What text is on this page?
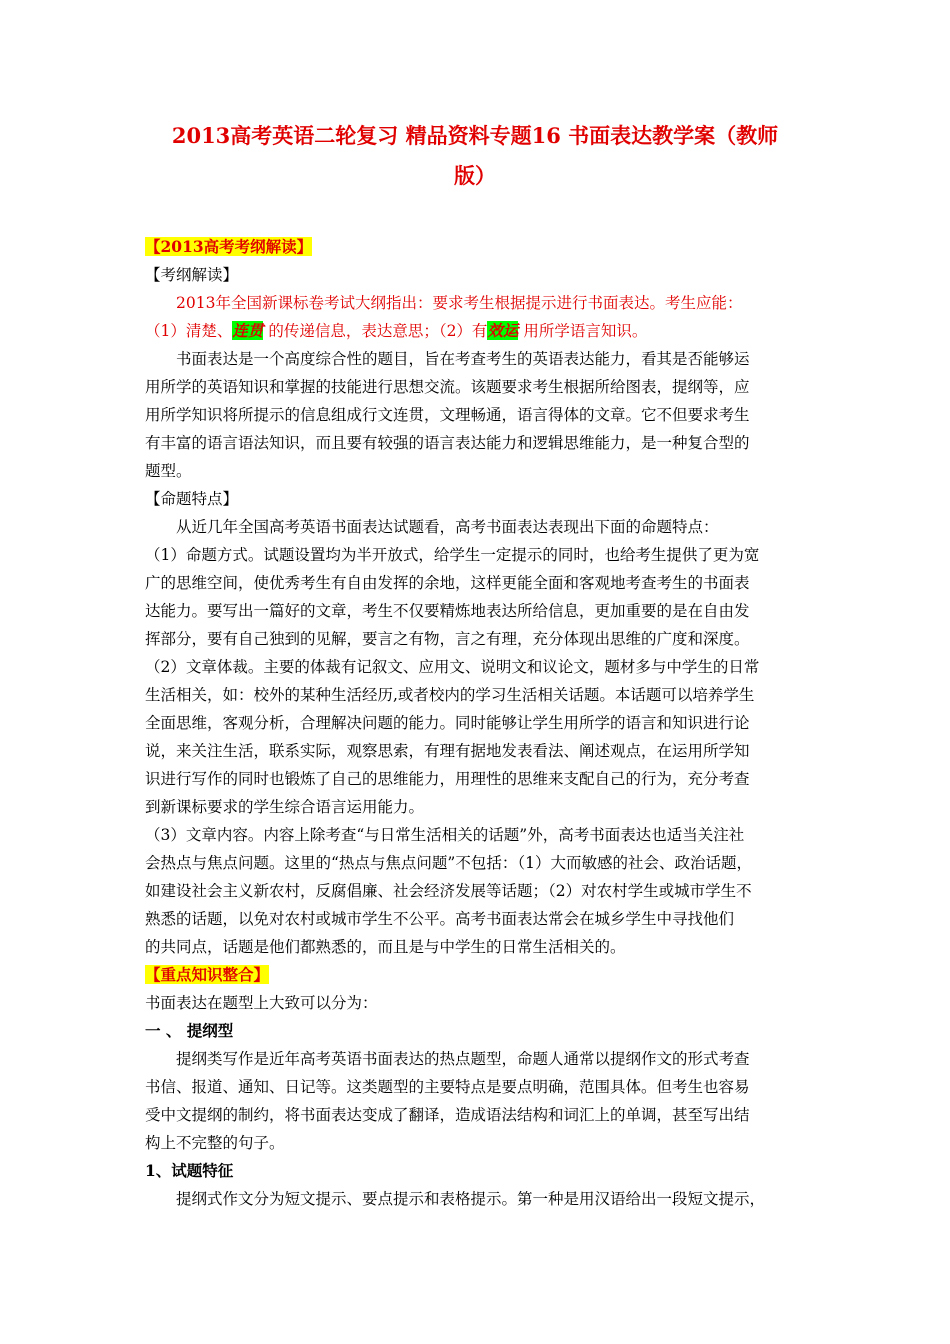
2013高考英语二轮复习 精品资料专题16 书面表达教学案（教师
版）
【2013高考考纲解读】
【考纲解读】
2013年全国新课标卷考试大纲指出：要求考生根据提示进行书面表达。考生应能：
（1）清楚、连贯 的传递信息，表达意思；（2）有效运 用所学语言知识。
书面表达是一个高度综合性的题目，旨在考查考生的英语表达能力，看其是否能够运
用所学的英语知识和掌握的技能进行思想交流。该题要求考生根据所给图表，提纲等，应
用所学知识将所提示的信息组成行文连贯，文理畅通，语言得体的文章。它不但要求考生
有丰富的语言语法知识，而且要有较强的语言表达能力和逻辑思维能力，是一种复合型的
题型。
【命题特点】
从近几年全国高考英语书面表达试题看，高考书面表达表现出下面的命题特点：
（1）命题方式。试题设置均为半开放式，给学生一定提示的同时，也给考生提供了更为宽
广的思维空间，使优秀考生有自由发挥的余地，这样更能全面和客观地考查考生的书面表
达能力。要写出一篇好的文章，考生不仅要精炼地表达所给信息，更加重要的是在自由发
挥部分，要有自己独到的见解，要言之有物，言之有理，充分体现出思维的广度和深度。
（2）文章体裁。主要的体裁有记叙文、应用文、说明文和议论文，题材多与中学生的日常
生活相关，如：校外的某种生活经历,或者校内的学习生活相关话题。本话题可以培养学生
全面思维，客观分析，合理解决问题的能力。同时能够让学生用所学的语言和知识进行论
说，来关注生活，联系实际，观察思索，有理有据地发表看法、阐述观点，在运用所学知
识进行写作的同时也锻炼了自己的思维能力，用理性的思维来支配自己的行为，充分考查
到新课标要求的学生综合语言运用能力。
（3）文章内容。内容上除考查“与日常生活相关的话题”外，高考书面表达也适当关注社
会热点与焦点问题。这里的“热点与焦点问题”不包括：（1）大而敏感的社会、政治话题，
如建设社会主义新农村，反腐倡廉、社会经济发展等话题；（2）对农村学生或城市学生不
熟悉的话题，以免对农村或城市学生不公平。高考书面表达常会在城乡学生中寻找他们
的共同点，话题是他们都熟悉的，而且是与中学生的日常生活相关的。
【重点知识整合】
书面表达在题型上大致可以分为：
一 、 提纲型
提纲类写作是近年高考英语书面表达的热点题型，命题人通常以提纲作文的形式考查
书信、报道、通知、日记等。这类题型的主要特点是要点明确，范围具体。但考生也容易
受中文提纲的制约，将书面表达变成了翻译，造成语法结构和词汇上的单调，甚至写出结
构上不完整的句子。
1、试题特征
提纲式作文分为短文提示、要点提示和表格提示。第一种是用汉语给出一段短文提示，
